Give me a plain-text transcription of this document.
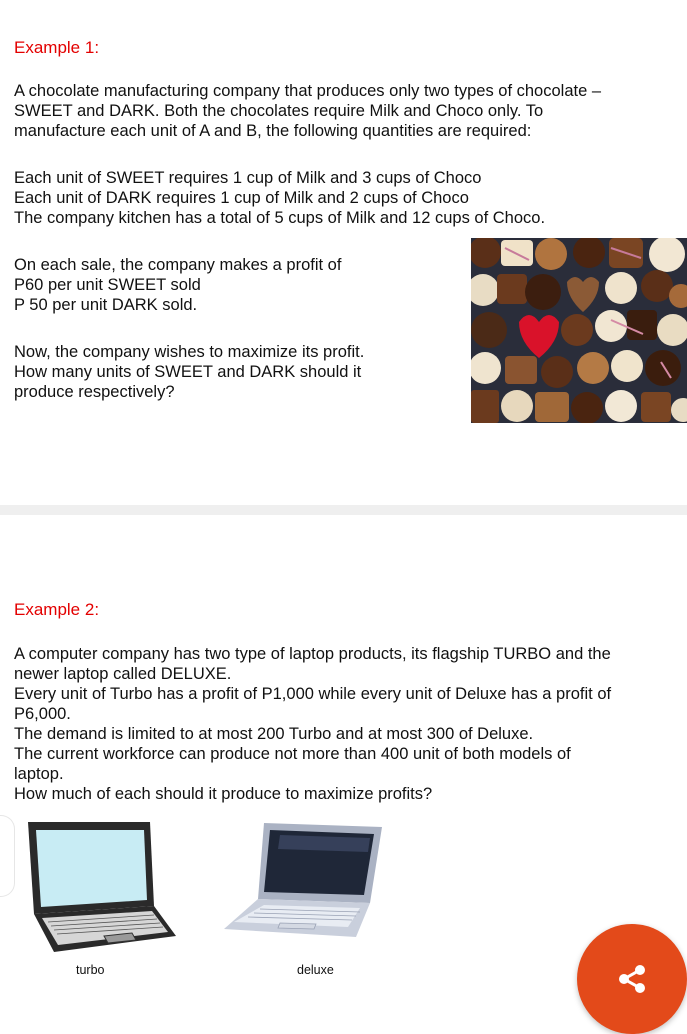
Example 1:
A chocolate manufacturing company that produces only two types of chocolate –
SWEET and DARK. Both the chocolates require Milk and Choco only. To
manufacture each unit of A and B, the following quantities are required:
Each unit of SWEET requires 1 cup of Milk and 3 cups of Choco
Each unit of DARK requires 1 cup of Milk and 2 cups of Choco
The company kitchen has a total of 5 cups of Milk and 12 cups of Choco.
On each sale, the company makes a profit of
P60 per unit SWEET sold
P 50 per unit DARK sold.
Now, the company wishes to maximize its profit.
How many units of SWEET and DARK should it
produce respectively?
Example 2:
A computer company has two type of laptop products, its flagship TURBO and the
newer laptop called DELUXE.
Every unit of Turbo has a profit of P1,000 while every unit of Deluxe has a profit of
P6,000.
The demand is limited to at most 200 Turbo and at most 300 of Deluxe.
The current workforce can produce not more than 400 unit of both models of
laptop.
How much of each should it produce to maximize profits?
turbo	deluxe
